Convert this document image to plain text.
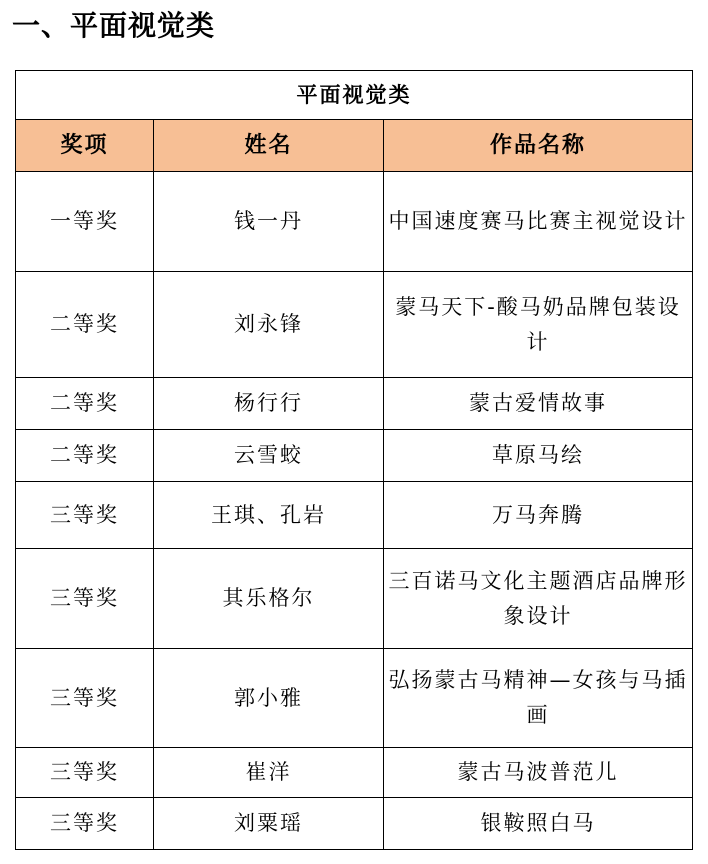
一、平面视觉类
平面视觉类		
奖项	姓名	作品名称
一等奖	钱一丹	中国速度赛马比赛主视觉设计
二等奖	刘永锋	蒙马天下-酸马奶品牌包装设计
二等奖	杨行行	蒙古爱情故事
二等奖	云雪蛟	草原马绘
三等奖	王琪、孔岩	万马奔腾
三等奖	其乐格尔	三百诺马文化主题酒店品牌形象设计
三等奖	郭小雅	弘扬蒙古马精神—女孩与马插画
三等奖	崔洋	蒙古马波普范儿
三等奖	刘粟瑶	银鞍照白马
